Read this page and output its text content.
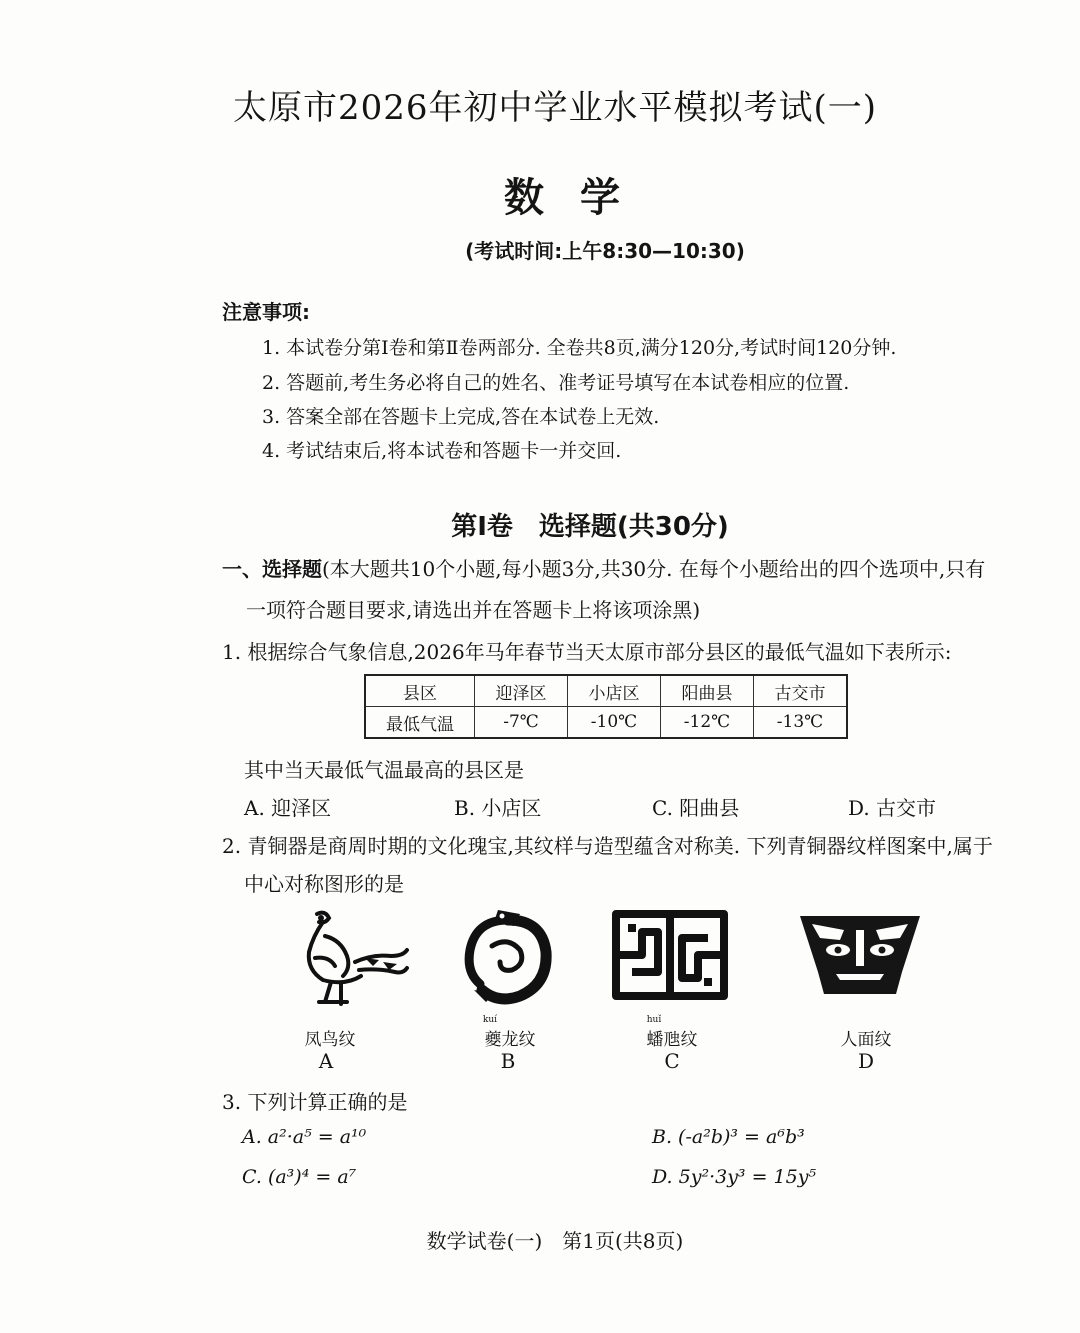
太原市2026年初中学业水平模拟考试(一)
数学
(考试时间:上午8:30—10:30)
注意事项:
1. 本试卷分第Ⅰ卷和第Ⅱ卷两部分. 全卷共8页,满分120分,考试时间120分钟.
2. 答题前,考生务必将自己的姓名、准考证号填写在本试卷相应的位置.
3. 答案全部在答题卡上完成,答在本试卷上无效.
4. 考试结束后,将本试卷和答题卡一并交回.
第Ⅰ卷　选择题(共30分)
一、选择题(本大题共10个小题,每小题3分,共30分. 在每个小题给出的四个选项中,只有
一项符合题目要求,请选出并在答题卡上将该项涂黑)
1. 根据综合气象信息,2026年马年春节当天太原市部分县区的最低气温如下表所示:
县区	迎泽区	小店区	阳曲县	古交市
最低气温	-7℃	-10℃	-12℃	-13℃
其中当天最低气温最高的县区是
A. 迎泽区	B. 小店区	C. 阳曲县	D. 古交市
2. 青铜器是商周时期的文化瑰宝,其纹样与造型蕴含对称美. 下列青铜器纹样图案中,属于
中心对称图形的是
kuí	huǐ
凤鸟纹	夔龙纹	蟠虺纹	人面纹
A	B	C	D
3. 下列计算正确的是
A. a²·a⁵ = a¹⁰	B. (-a²b)³ = a⁶b³
C. (a³)⁴ = a⁷	D. 5y²·3y³ = 15y⁵
数学试卷(一)　第1页(共8页)
